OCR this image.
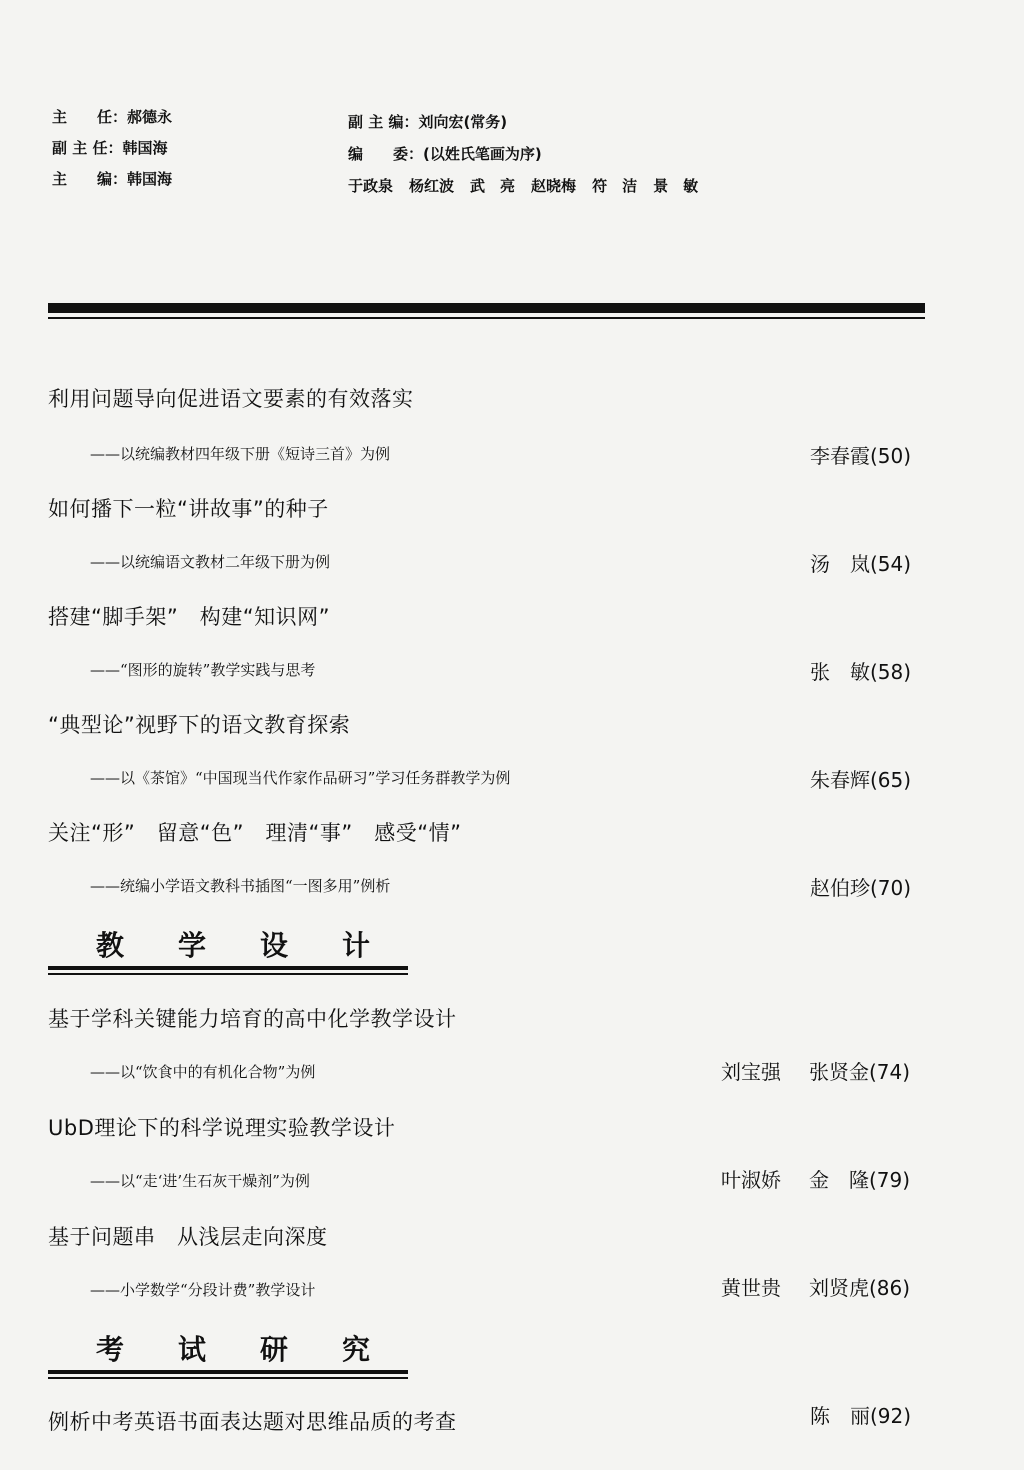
主　　任：郝德永
副 主 任：韩国海
主　　编：韩国海
副 主 编：刘向宏(常务)
编　　委：(以姓氏笔画为序)
于政泉 杨红波 武　亮 赵晓梅 符　洁 景　敏
利用问题导向促进语文要素的有效落实
——以统编教材四年级下册《短诗三首》为例	李春霞(50)
如何播下一粒“讲故事”的种子
——以统编语文教材二年级下册为例	汤　岚(54)
搭建“脚手架”　构建“知识网”
——“图形的旋转”教学实践与思考	张　敏(58)
“典型论”视野下的语文教育探索
——以《茶馆》“中国现当代作家作品研习”学习任务群教学为例	朱春辉(65)
关注“形”　留意“色”　理清“事”　感受“情”
——统编小学语文教科书插图“一图多用”例析	赵伯珍(70)
教学设计
基于学科关键能力培育的高中化学教学设计
——以“饮食中的有机化合物”为例	刘宝强 张贤金(74)
UbD理论下的科学说理实验教学设计
——以“走‘进’生石灰干燥剂”为例	叶淑娇 金　隆(79)
基于问题串　从浅层走向深度
——小学数学“分段计费”教学设计	黄世贵 刘贤虎(86)
考试研究
例析中考英语书面表达题对思维品质的考查	陈　丽(92)
